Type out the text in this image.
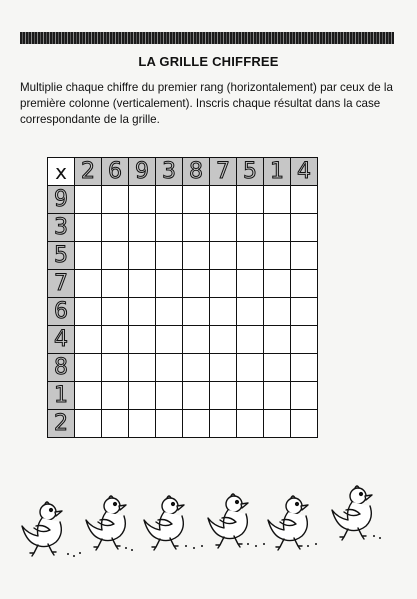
LA GRILLE CHIFFREE
Multiplie chaque chiffre du premier rang (horizontalement) par ceux de la première colonne (verticalement). Inscris chaque résultat dans la case correspondante de la grille.
x	2	6	9	3	8	7	5	1	4
9									
3									
5									
7									
6									
4									
8									
1									
2									
